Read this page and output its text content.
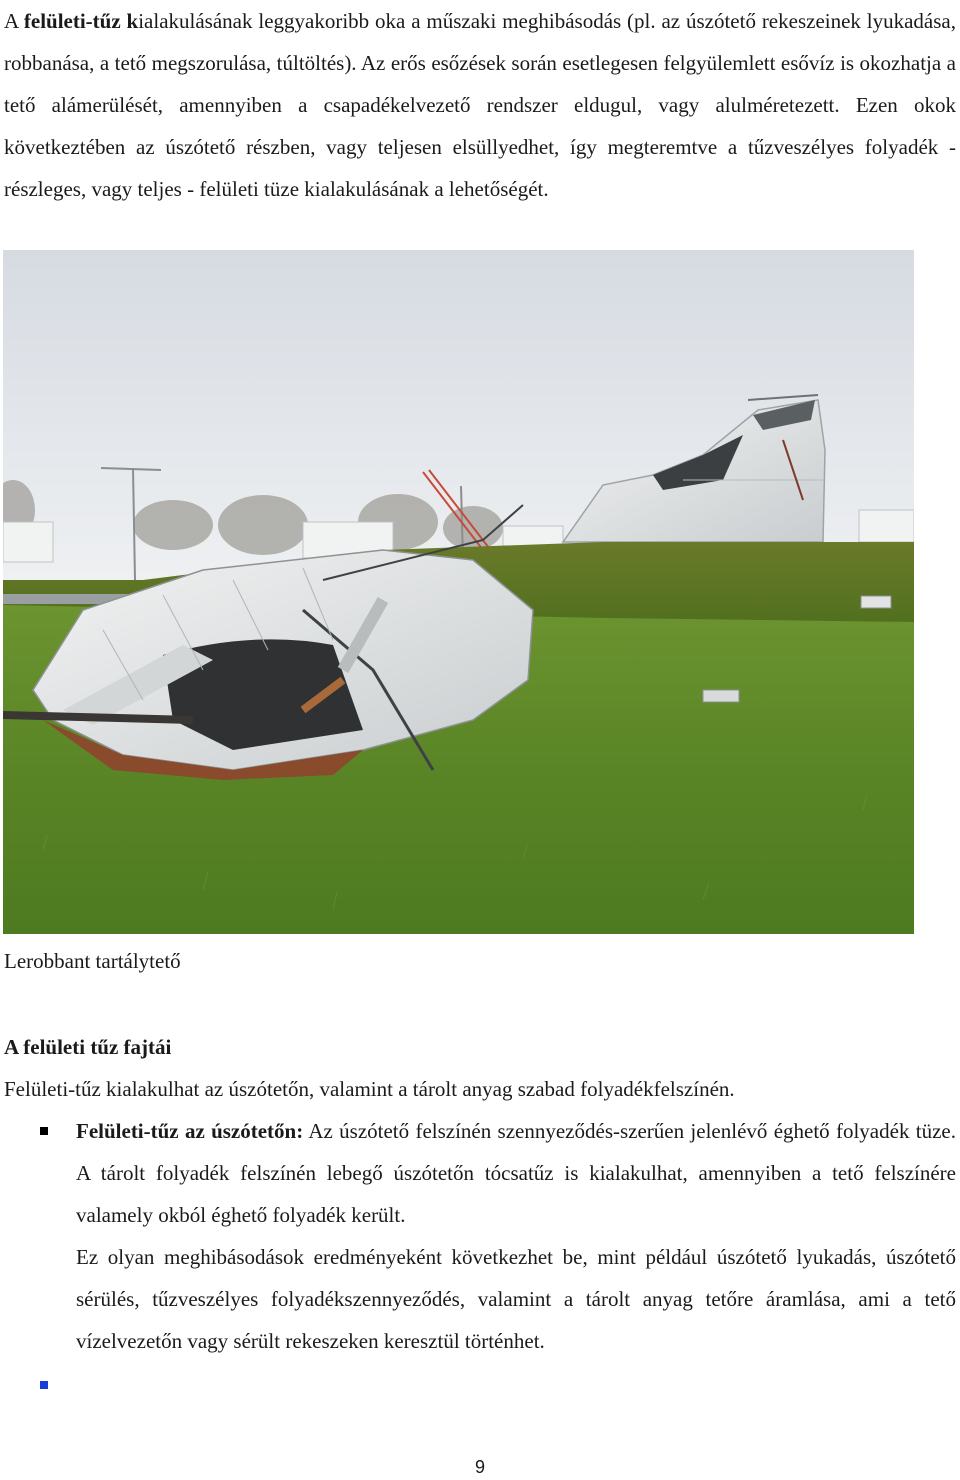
A felületi-tűz kialakulásának leggyakoribb oka a műszaki meghibásodás (pl. az úszótető rekeszeinek lyukadása, robbanása, a tető megszorulása, túltöltés). Az erős esőzések során esetlegesen felgyülemlett esővíz is okozhatja a tető alámerülését, amennyiben a csapadékelvezető rendszer eldugul, vagy alulméretezett. Ezen okok következtében az úszótető részben, vagy teljesen elsüllyedhet, így megteremtve a tűzveszélyes folyadék - részleges, vagy teljes - felületi tüze kialakulásának a lehetőségét.

Lerobbant tartálytető

A felületi tűz fajtái

Felületi-tűz kialakulhat az úszótetőn, valamint a tárolt anyag szabad folyadékfelszínén.

Felületi-tűz az úszótetőn: Az úszótető felszínén szennyeződés-szerűen jelenlévő éghető folyadék tüze. A tárolt folyadék felszínén lebegő úszótetőn tócsatűz is kialakulhat, amennyiben a tető felszínére valamely okból éghető folyadék került.

Ez olyan meghibásodások eredményeként következhet be, mint például úszótető lyukadás, úszótető sérülés, tűzveszélyes folyadékszennyeződés, valamint a tárolt anyag tetőre áramlása, ami a tető vízelvezetőn vagy sérült rekeszeken keresztül történhet.

9
